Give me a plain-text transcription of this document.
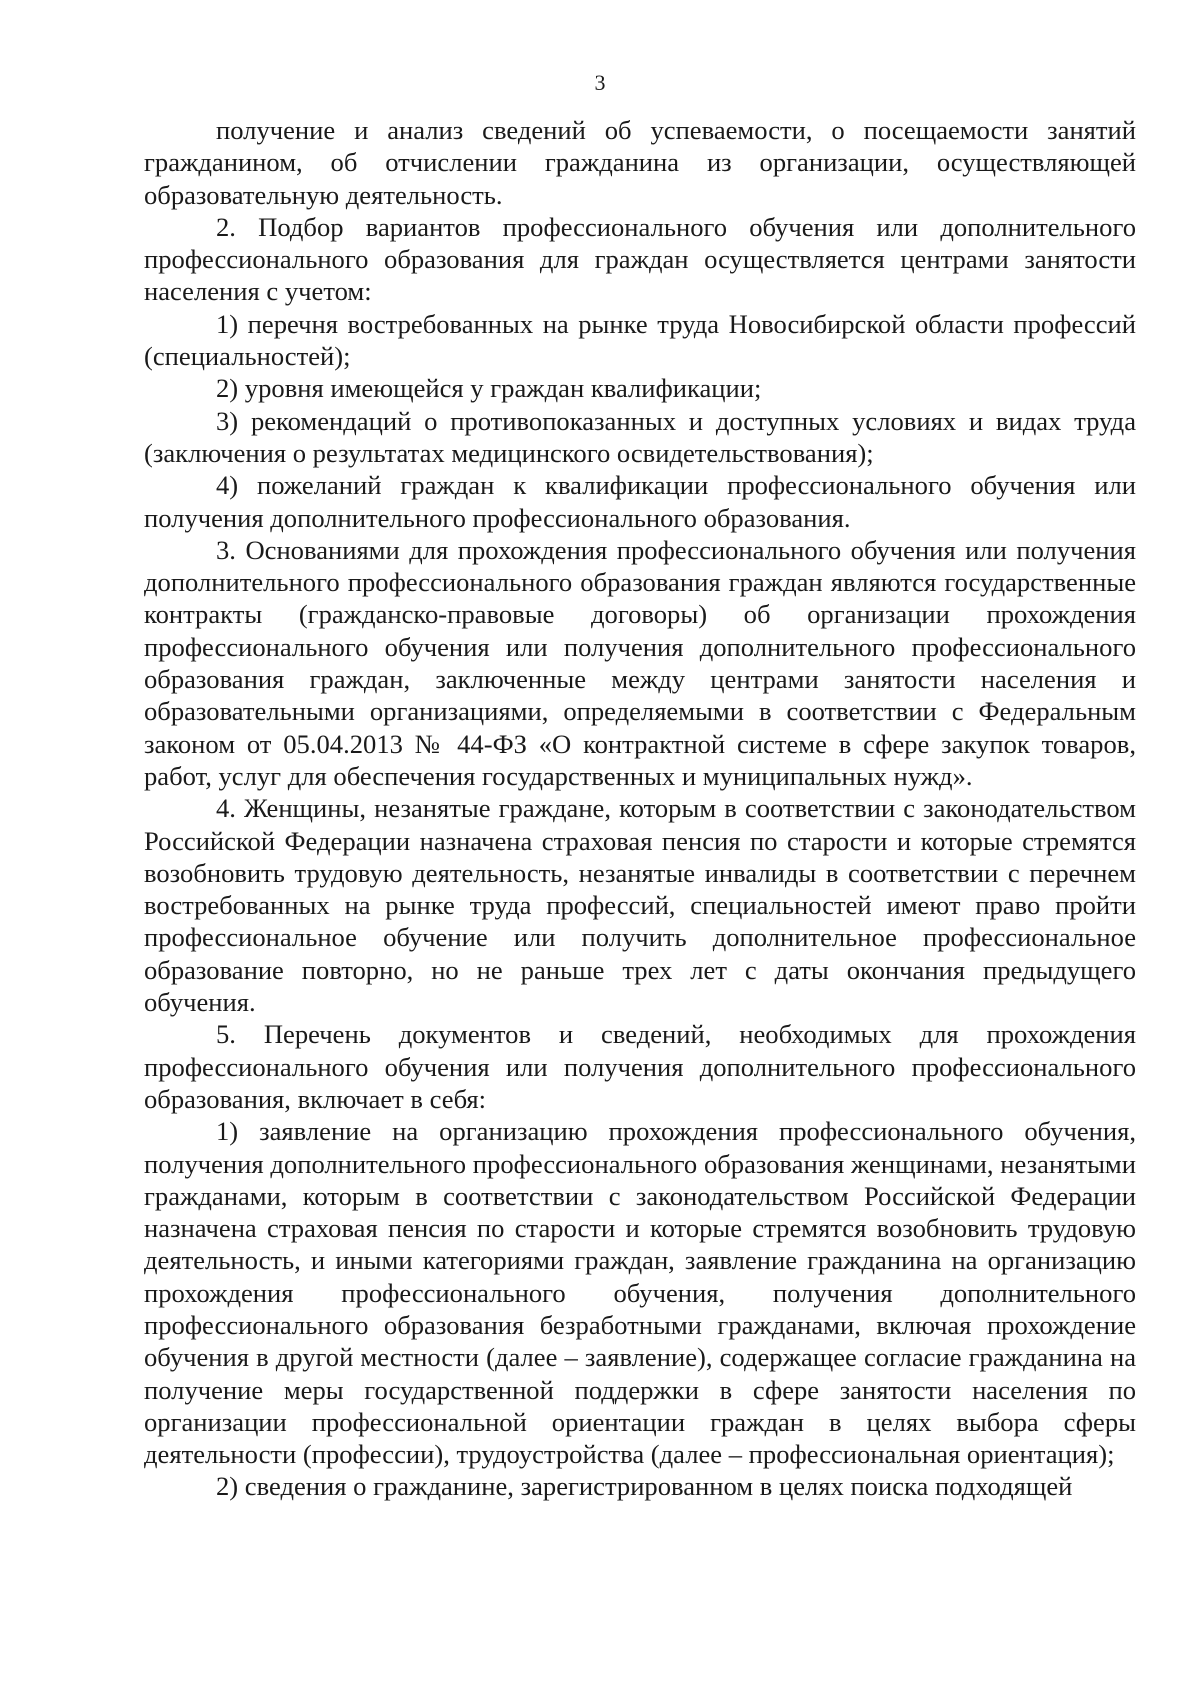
3

получение и анализ сведений об успеваемости, о посещаемости занятий гражданином, об отчислении гражданина из организации, осуществляющей образовательную деятельность.

2. Подбор вариантов профессионального обучения или дополнительного профессионального образования для граждан осуществляется центрами занятости населения с учетом:

1) перечня востребованных на рынке труда Новосибирской области профессий (специальностей);

2) уровня имеющейся у граждан квалификации;

3) рекомендаций о противопоказанных и доступных условиях и видах труда (заключения о результатах медицинского освидетельствования);

4) пожеланий граждан к квалификации профессионального обучения или получения дополнительного профессионального образования.

3. Основаниями для прохождения профессионального обучения или получения дополнительного профессионального образования граждан являются государственные контракты (гражданско-правовые договоры) об организации прохождения профессионального обучения или получения дополнительного профессионального образования граждан, заключенные между центрами занятости населения и образовательными организациями, определяемыми в соответствии с Федеральным законом от 05.04.2013 № 44-ФЗ «О контрактной системе в сфере закупок товаров, работ, услуг для обеспечения государственных и муниципальных нужд».

4. Женщины, незанятые граждане, которым в соответствии с законодательством Российской Федерации назначена страховая пенсия по старости и которые стремятся возобновить трудовую деятельность, незанятые инвалиды в соответствии с перечнем востребованных на рынке труда профессий, специальностей имеют право пройти профессиональное обучение или получить дополнительное профессиональное образование повторно, но не раньше трех лет с даты окончания предыдущего обучения.

5. Перечень документов и сведений, необходимых для прохождения профессионального обучения или получения дополнительного профессионального образования, включает в себя:

1) заявление на организацию прохождения профессионального обучения, получения дополнительного профессионального образования женщинами, незанятыми гражданами, которым в соответствии с законодательством Российской Федерации назначена страховая пенсия по старости и которые стремятся возобновить трудовую деятельность, и иными категориями граждан, заявление гражданина на организацию прохождения профессионального обучения, получения дополнительного профессионального образования безработными гражданами, включая прохождение обучения в другой местности (далее – заявление), содержащее согласие гражданина на получение меры государственной поддержки в сфере занятости населения по организации профессиональной ориентации граждан в целях выбора сферы деятельности (профессии), трудоустройства (далее – профессиональная ориентация);

2) сведения о гражданине, зарегистрированном в целях поиска подходящей
